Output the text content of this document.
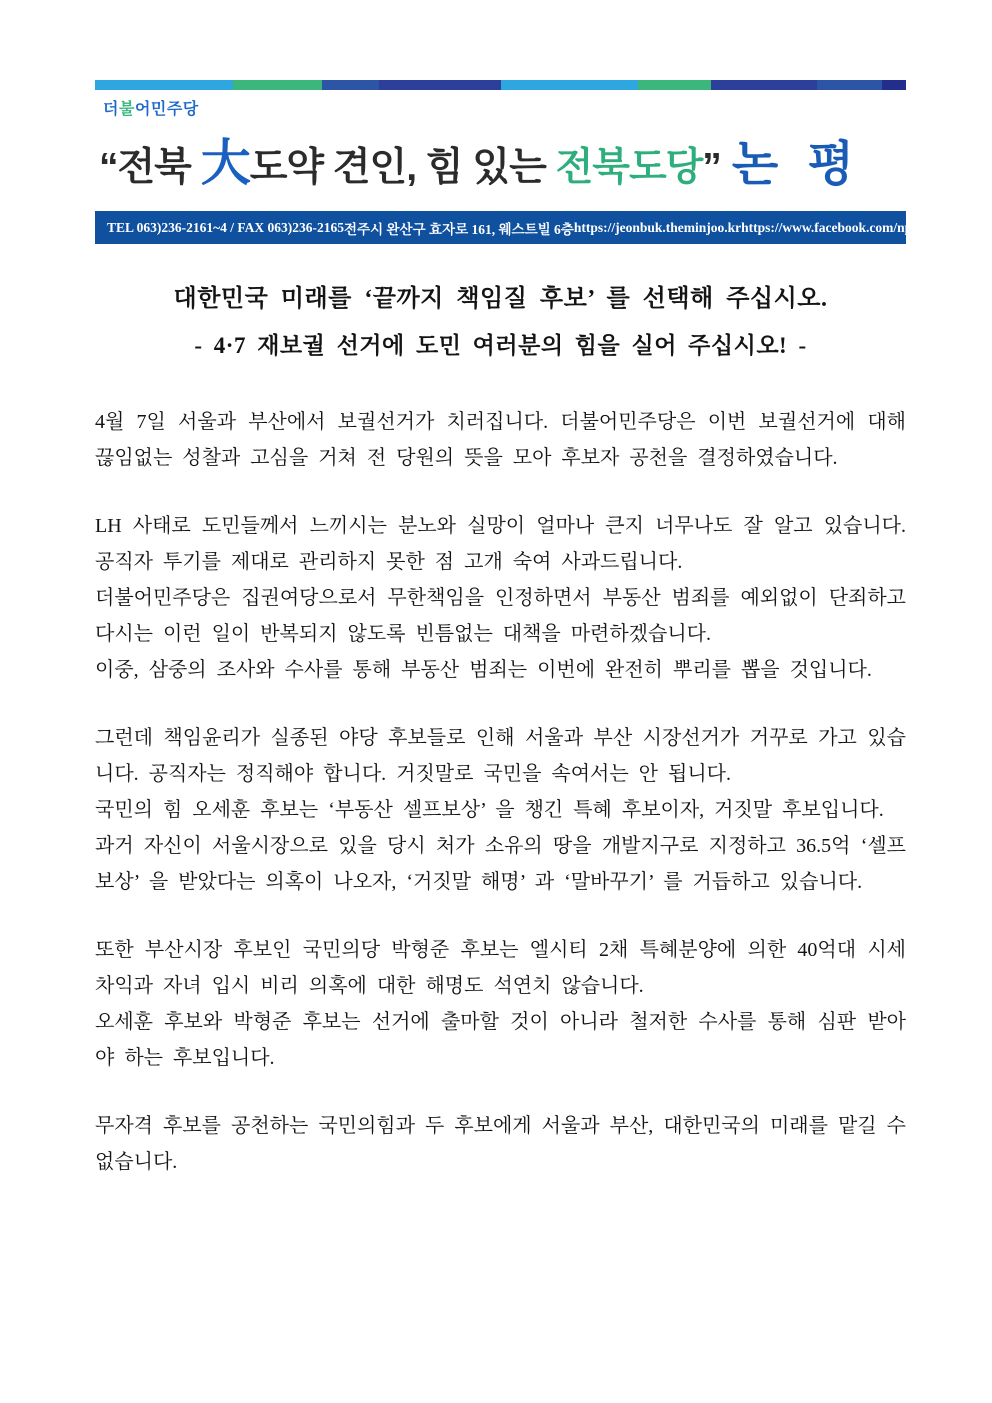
더불어민주당
“전북 大도약 견인, 힘 있는 전북도당” 논 평
TEL 063)236-2161~4 / FAX 063)236-2165 전주시 완산구 효자로 161, 웨스트빌 6층 https://jeonbuk.theminjoo.kr https://www.facebook.com/npadjb
대한민국 미래를 ‘끝까지 책임질 후보’ 를 선택해 주십시오.
- 4·7 재보궐 선거에 도민 여러분의 힘을 실어 주십시오! -

4월 7일 서울과 부산에서 보궐선거가 치러집니다. 더불어민주당은 이번 보궐선거에 대해 끊임없는 성찰과 고심을 거쳐 전 당원의 뜻을 모아 후보자 공천을 결정하였습니다.

LH 사태로 도민들께서 느끼시는 분노와 실망이 얼마나 큰지 너무나도 잘 알고 있습니다. 공직자 투기를 제대로 관리하지 못한 점 고개 숙여 사과드립니다.

더불어민주당은 집권여당으로서 무한책임을 인정하면서 부동산 범죄를 예외없이 단죄하고 다시는 이런 일이 반복되지 않도록 빈틈없는 대책을 마련하겠습니다.

이중, 삼중의 조사와 수사를 통해 부동산 범죄는 이번에 완전히 뿌리를 뽑을 것입니다.

그런데 책임윤리가 실종된 야당 후보들로 인해 서울과 부산 시장선거가 거꾸로 가고 있습니다. 공직자는 정직해야 합니다. 거짓말로 국민을 속여서는 안 됩니다.

국민의 힘 오세훈 후보는 ‘부동산 셀프보상’ 을 챙긴 특혜 후보이자, 거짓말 후보입니다.

과거 자신이 서울시장으로 있을 당시 처가 소유의 땅을 개발지구로 지정하고 36.5억 ‘셀프보상’ 을 받았다는 의혹이 나오자, ‘거짓말 해명’ 과 ‘말바꾸기’ 를 거듭하고 있습니다.

또한 부산시장 후보인 국민의당 박형준 후보는 엘시티 2채 특혜분양에 의한 40억대 시세차익과 자녀 입시 비리 의혹에 대한 해명도 석연치 않습니다.

오세훈 후보와 박형준 후보는 선거에 출마할 것이 아니라 철저한 수사를 통해 심판 받아야 하는 후보입니다.

무자격 후보를 공천하는 국민의힘과 두 후보에게 서울과 부산, 대한민국의 미래를 맡길 수 없습니다.
